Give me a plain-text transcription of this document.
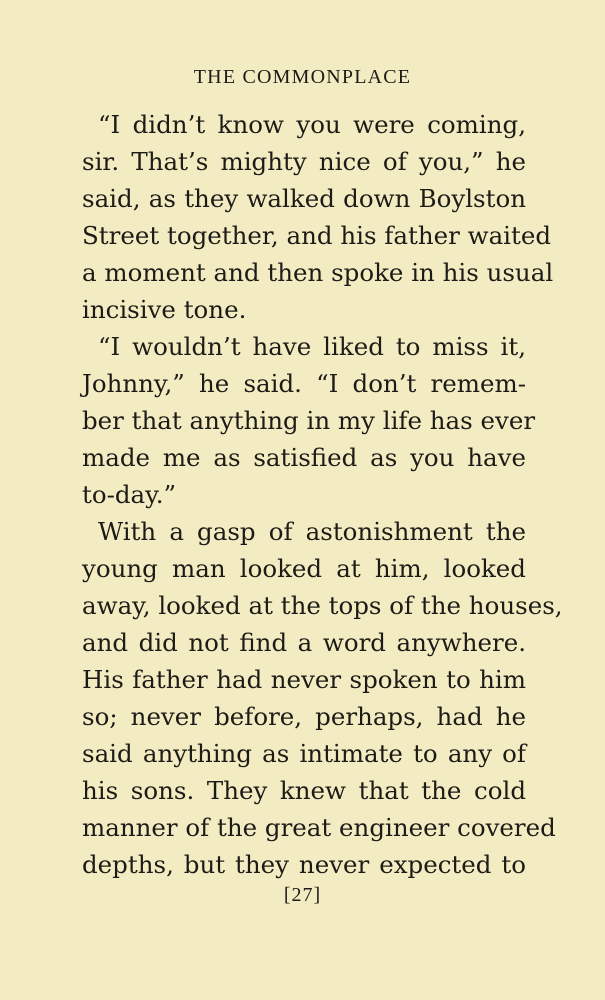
THE COMMONPLACE
“I didn’t know you were coming,
sir. That’s mighty nice of you,” he
said, as they walked down Boylston
Street together, and his father waited
a moment and then spoke in his usual
incisive tone.
“I wouldn’t have liked to miss it,
Johnny,” he said. “I don’t remem-
ber that anything in my life has ever
made me as satisfied as you have
to-day.”
With a gasp of astonishment the
young man looked at him, looked
away, looked at the tops of the houses,
and did not find a word anywhere.
His father had never spoken to him
so; never before, perhaps, had he
said anything as intimate to any of
his sons. They knew that the cold
manner of the great engineer covered
depths, but they never expected to
[27]
